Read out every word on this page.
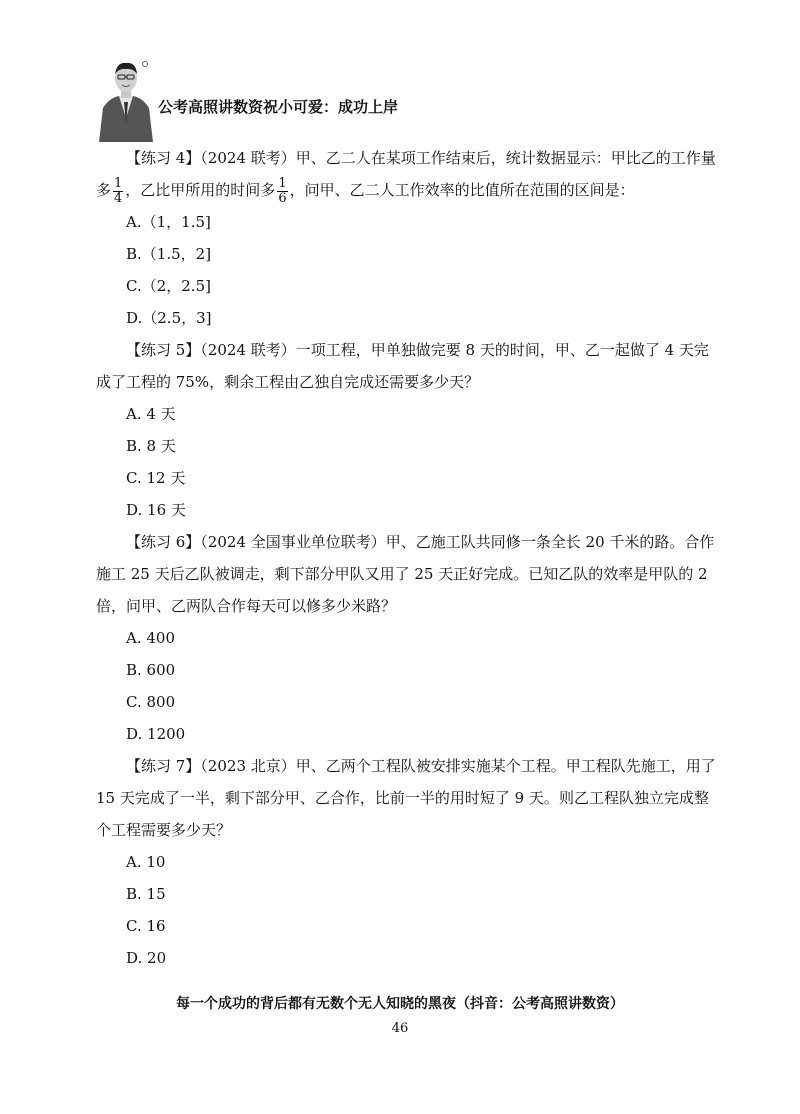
公考高照讲数资祝小可爱：成功上岸

【练习 4】（2024 联考）甲、乙二人在某项工作结束后，统计数据显示：甲比乙的工作量多 $\frac{1}{4}$ ，乙比甲所用的时间多 $\frac{1}{6}$ ，问甲、乙二人工作效率的比值所在范围的区间是：

A.（1，1.5]

B.（1.5，2]

C.（2，2.5]

D.（2.5，3]

【练习 5】（2024 联考）一项工程，甲单独做完要 8 天的时间，甲、乙一起做了 4 天完成了工程的 75%，剩余工程由乙独自完成还需要多少天？

A. 4 天

B. 8 天

C. 12 天

D. 16 天

【练习 6】（2024 全国事业单位联考）甲、乙施工队共同修一条全长 20 千米的路。合作施工 25 天后乙队被调走，剩下部分甲队又用了 25 天正好完成。已知乙队的效率是甲队的 2 倍，问甲、乙两队合作每天可以修多少米路？

A. 400

B. 600

C. 800

D. 1200

【练习 7】（2023 北京）甲、乙两个工程队被安排实施某个工程。甲工程队先施工，用了 15 天完成了一半，剩下部分甲、乙合作，比前一半的用时短了 9 天。则乙工程队独立完成整个工程需要多少天？

A. 10

B. 15

C. 16

D. 20

每一个成功的背后都有无数个无人知晓的黑夜（抖音：公考高照讲数资）
46
